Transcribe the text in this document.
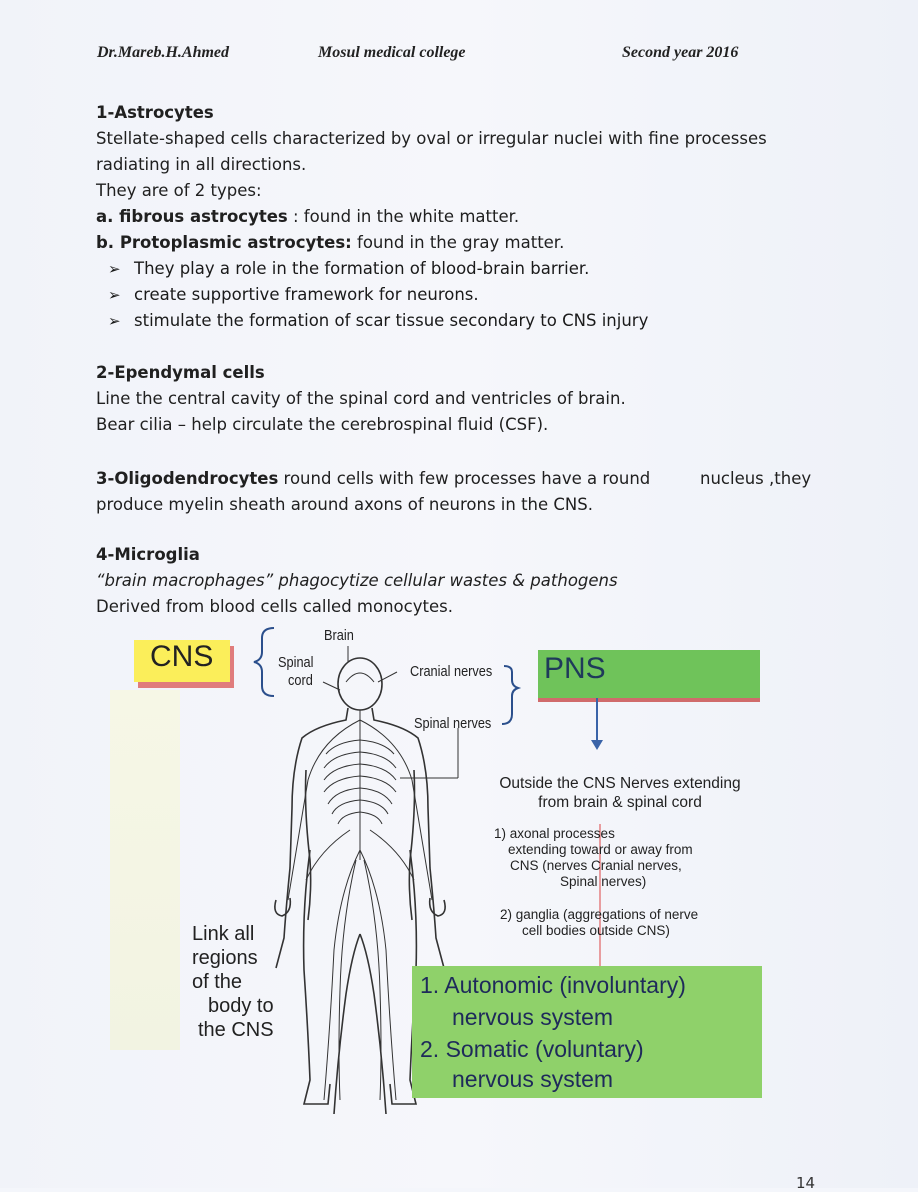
Dr.Mareb.H.Ahmed	Mosul medical college	Second year 2016
1-Astrocytes
Stellate-shaped cells characterized by oval or irregular nuclei with fine processes
radiating in all directions.
They are of 2 types:
a. fibrous astrocytes : found in the white matter.
b. Protoplasmic astrocytes: found in the gray matter.
➢ They play a role in the formation of blood-brain barrier.
➢ create supportive framework for neurons.
➢ stimulate the formation of scar tissue secondary to CNS injury
2-Ependymal cells
Line the central cavity of the spinal cord and ventricles of brain.
Bear cilia – help circulate the cerebrospinal fluid (CSF).
3-Oligodendrocytes round cells with few processes have a round	nucleus ,they
produce myelin sheath around axons of neurons in the CNS.
4-Microglia
“brain macrophages” phagocytize cellular wastes & pathogens
Derived from blood cells called monocytes.
CNS	PNS
Brain
Spinal
cord
Cranial nerves
Spinal nerves
Outside the CNS Nerves extending
from brain & spinal cord
1) axonal processes
extending toward or away from
CNS (nerves Cranial nerves,
Spinal nerves)
2) ganglia (aggregations of nerve
cell bodies outside CNS)
Link all
regions
of the
body to
the CNS
1. Autonomic (involuntary)
nervous system
2. Somatic (voluntary)
nervous system
14
